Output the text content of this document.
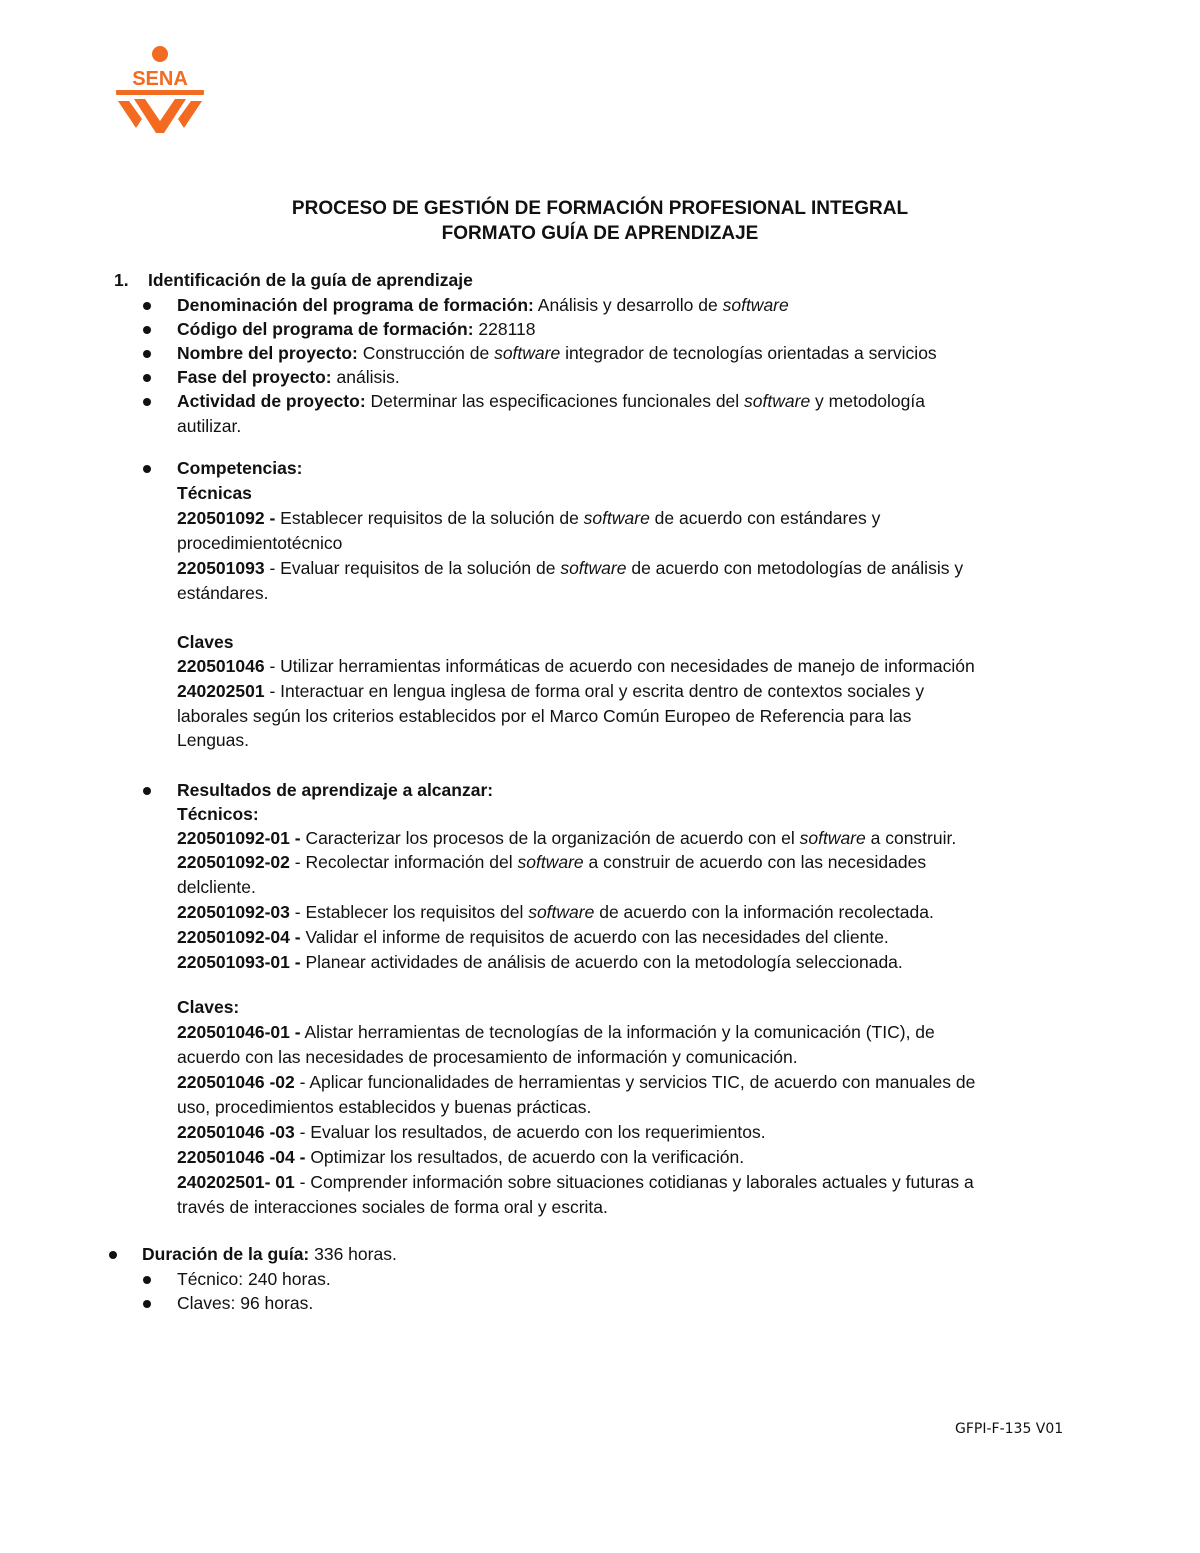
SENA
PROCESO DE GESTIÓN DE FORMACIÓN PROFESIONAL INTEGRAL
FORMATO GUÍA DE APRENDIZAJE
1. Identificación de la guía de aprendizaje
Denominación del programa de formación: Análisis y desarrollo de software
Código del programa de formación: 228118
Nombre del proyecto: Construcción de software integrador de tecnologías orientadas a servicios
Fase del proyecto: análisis.
Actividad de proyecto: Determinar las especificaciones funcionales del software y metodología
autilizar.
Competencias:
Técnicas
220501092 - Establecer requisitos de la solución de software de acuerdo con estándares y
procedimientotécnico
220501093 - Evaluar requisitos de la solución de software de acuerdo con metodologías de análisis y
estándares.
Claves
220501046 - Utilizar herramientas informáticas de acuerdo con necesidades de manejo de información
240202501 - Interactuar en lengua inglesa de forma oral y escrita dentro de contextos sociales y
laborales según los criterios establecidos por el Marco Común Europeo de Referencia para las
Lenguas.
Resultados de aprendizaje a alcanzar:
Técnicos:
220501092-01 - Caracterizar los procesos de la organización de acuerdo con el software a construir.
220501092-02 - Recolectar información del software a construir de acuerdo con las necesidades
delcliente.
220501092-03 - Establecer los requisitos del software de acuerdo con la información recolectada.
220501092-04 - Validar el informe de requisitos de acuerdo con las necesidades del cliente.
220501093-01 - Planear actividades de análisis de acuerdo con la metodología seleccionada.
Claves:
220501046-01 - Alistar herramientas de tecnologías de la información y la comunicación (TIC), de
acuerdo con las necesidades de procesamiento de información y comunicación.
220501046 -02 - Aplicar funcionalidades de herramientas y servicios TIC, de acuerdo con manuales de
uso, procedimientos establecidos y buenas prácticas.
220501046 -03 - Evaluar los resultados, de acuerdo con los requerimientos.
220501046 -04 - Optimizar los resultados, de acuerdo con la verificación.
240202501- 01 - Comprender información sobre situaciones cotidianas y laborales actuales y futuras a
través de interacciones sociales de forma oral y escrita.
Duración de la guía: 336 horas.
Técnico: 240 horas.
Claves: 96 horas.
GFPI-F-135 V01
